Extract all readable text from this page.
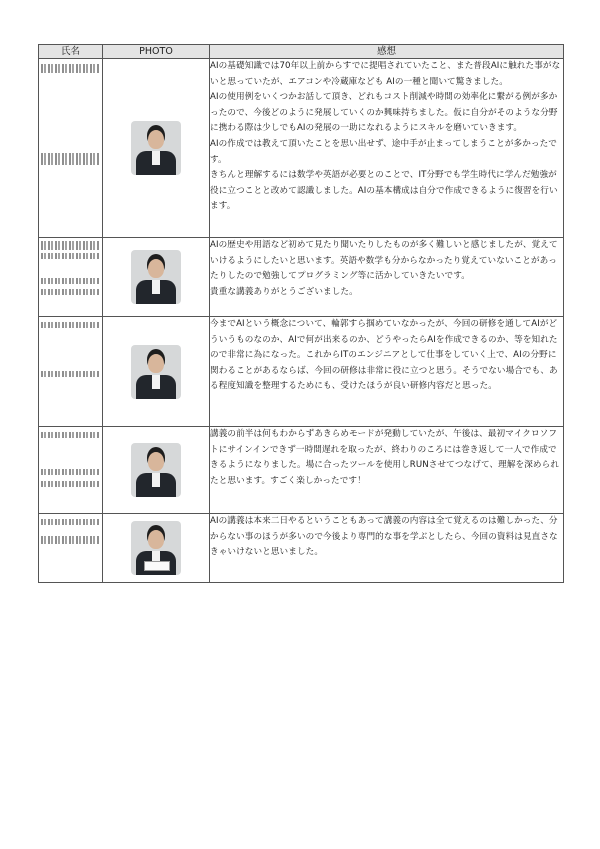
氏名	PHOTO	感想

		AIの基礎知識では70年以上前からすでに提唱されていたこと、また普段AIに触れた事がないと思っていたが、エアコンや冷蔵庫なども AIの一種と聞いて驚きました。

AIの使用例をいくつかお話して頂き、どれもコスト削減や時間の効率化に繋がる例が多かったので、今後どのように発展していくのか興味持ちました。仮に自分がそのような分野に携わる際は少しでもAIの発展の一助になれるようにスキルを磨いていきます。

AIの作成では教えて頂いたことを思い出せず、途中手が止まってしまうことが多かったです。

きちんと理解するには数学や英語が必要とのことで、IT分野でも学生時代に学んだ勉強が役に立つことと改めて認識しました。AIの基本構成は自分で作成できるように復習を行います。

		AIの歴史や用語など初めて見たり聞いたりしたものが多く難しいと感じましたが、覚えていけるようにしたいと思います。英語や数学も分からなかったり覚えていないことがあったりしたので勉強してプログラミング等に活かしていきたいです。

貴重な講義ありがとうございました。

		今までAIという概念について、輪郭すら掴めていなかったが、今回の研修を通してAIがどういうものなのか、AIで何が出来るのか、どうやったらAIを作成できるのか、等を知れたので非常に為になった。これからITのエンジニアとして仕事をしていく上で、AIの分野に関わることがあるならば、今回の研修は非常に役に立つと思う。そうでない場合でも、ある程度知識を整理するためにも、受けたほうが良い研修内容だと思った。

		講義の前半は何もわからずあきらめモードが発動していたが、午後は、最初マイクロソフトにサインインできず一時間遅れを取ったが、終わりのころには巻き返して一人で作成できるようになりました。場に合ったツールを使用しRUNさせてつなげて、理解を深められたと思います。すごく楽しかったです！

		AIの講義は本来二日やるということもあって講義の内容は全て覚えるのは難しかった、分からない事のほうが多いので今後より専門的な事を学ぶとしたら、今回の資料は見直さなきゃいけないと思いました。
